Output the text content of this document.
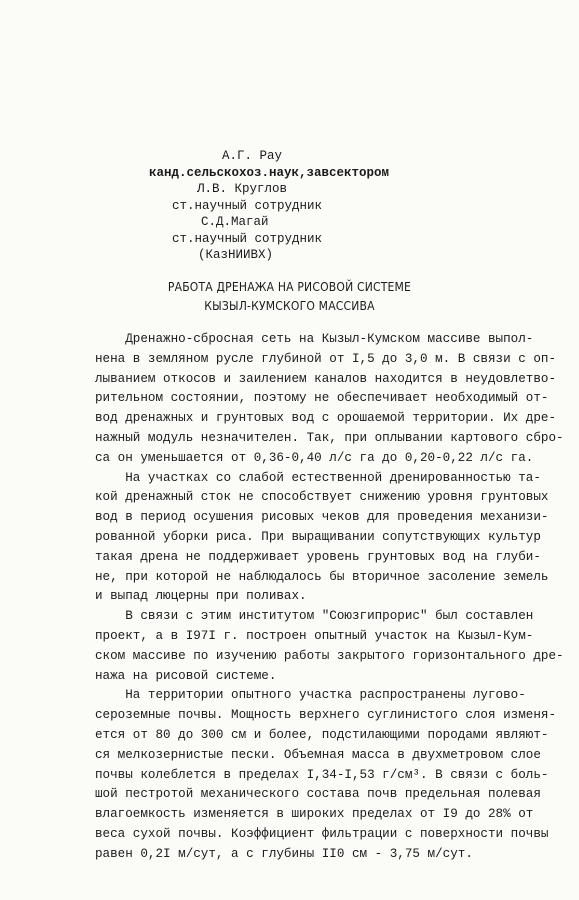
А.Г. Рау
канд.сельскохоз.наук,завсектором
Л.В. Круглов
ст.научный сотрудник
С.Д.Магай
ст.научный сотрудник
(КазНИИВХ)
РАБОТА ДРЕНАЖА НА РИСОВОЙ СИСТЕМЕ
КЫЗЫЛ-КУМСКОГО МАССИВА
Дренажно-сбросная сеть на Кызыл-Кумском массиве выпол-
нена в земляном русле глубиной от I,5 до 3,0 м. В связи с оп-
лыванием откосов и заилением каналов находится в неудовлетво-
рительном состоянии, поэтому не обеспечивает необходимый от-
вод дренажных и грунтовых вод с орошаемой территории. Их дре-
нажный модуль незначителен. Так, при оплывании картового сбро-
са он уменьшается от 0,36-0,40 л/с га до 0,20-0,22 л/с га.
На участках со слабой естественной дренированностью та-
кой дренажный сток не способствует снижению уровня грунтовых
вод в период осушения рисовых чеков для проведения механизи-
рованной уборки риса. При выращивании сопутствующих культур
такая дрена не поддерживает уровень грунтовых вод на глуби-
не, при которой не наблюдалось бы вторичное засоление земель
и выпад люцерны при поливах.
В связи с этим институтом "Союзгипрорис" был составлен
проект, а в I97I г. построен опытный участок на Кызыл-Кум-
ском массиве по изучению работы закрытого горизонтального дре-
нажа на рисовой системе.
На территории опытного участка распространены лугово-
сероземные почвы. Мощность верхнего суглинистого слоя изменя-
ется от 80 до 300 см и более, подстилающими породами являют-
ся мелкозернистые пески. Объемная масса в двухметровом слое
почвы колеблется в пределах I,34-I,53 г/см³. В связи с боль-
шой пестротой механического состава почв предельная полевая
влагоемкость изменяется в широких пределах от I9 до 28% от
веса сухой почвы. Коэффициент фильтрации с поверхности почвы
равен 0,2I м/сут, а с глубины II0 см - 3,75 м/сут.
